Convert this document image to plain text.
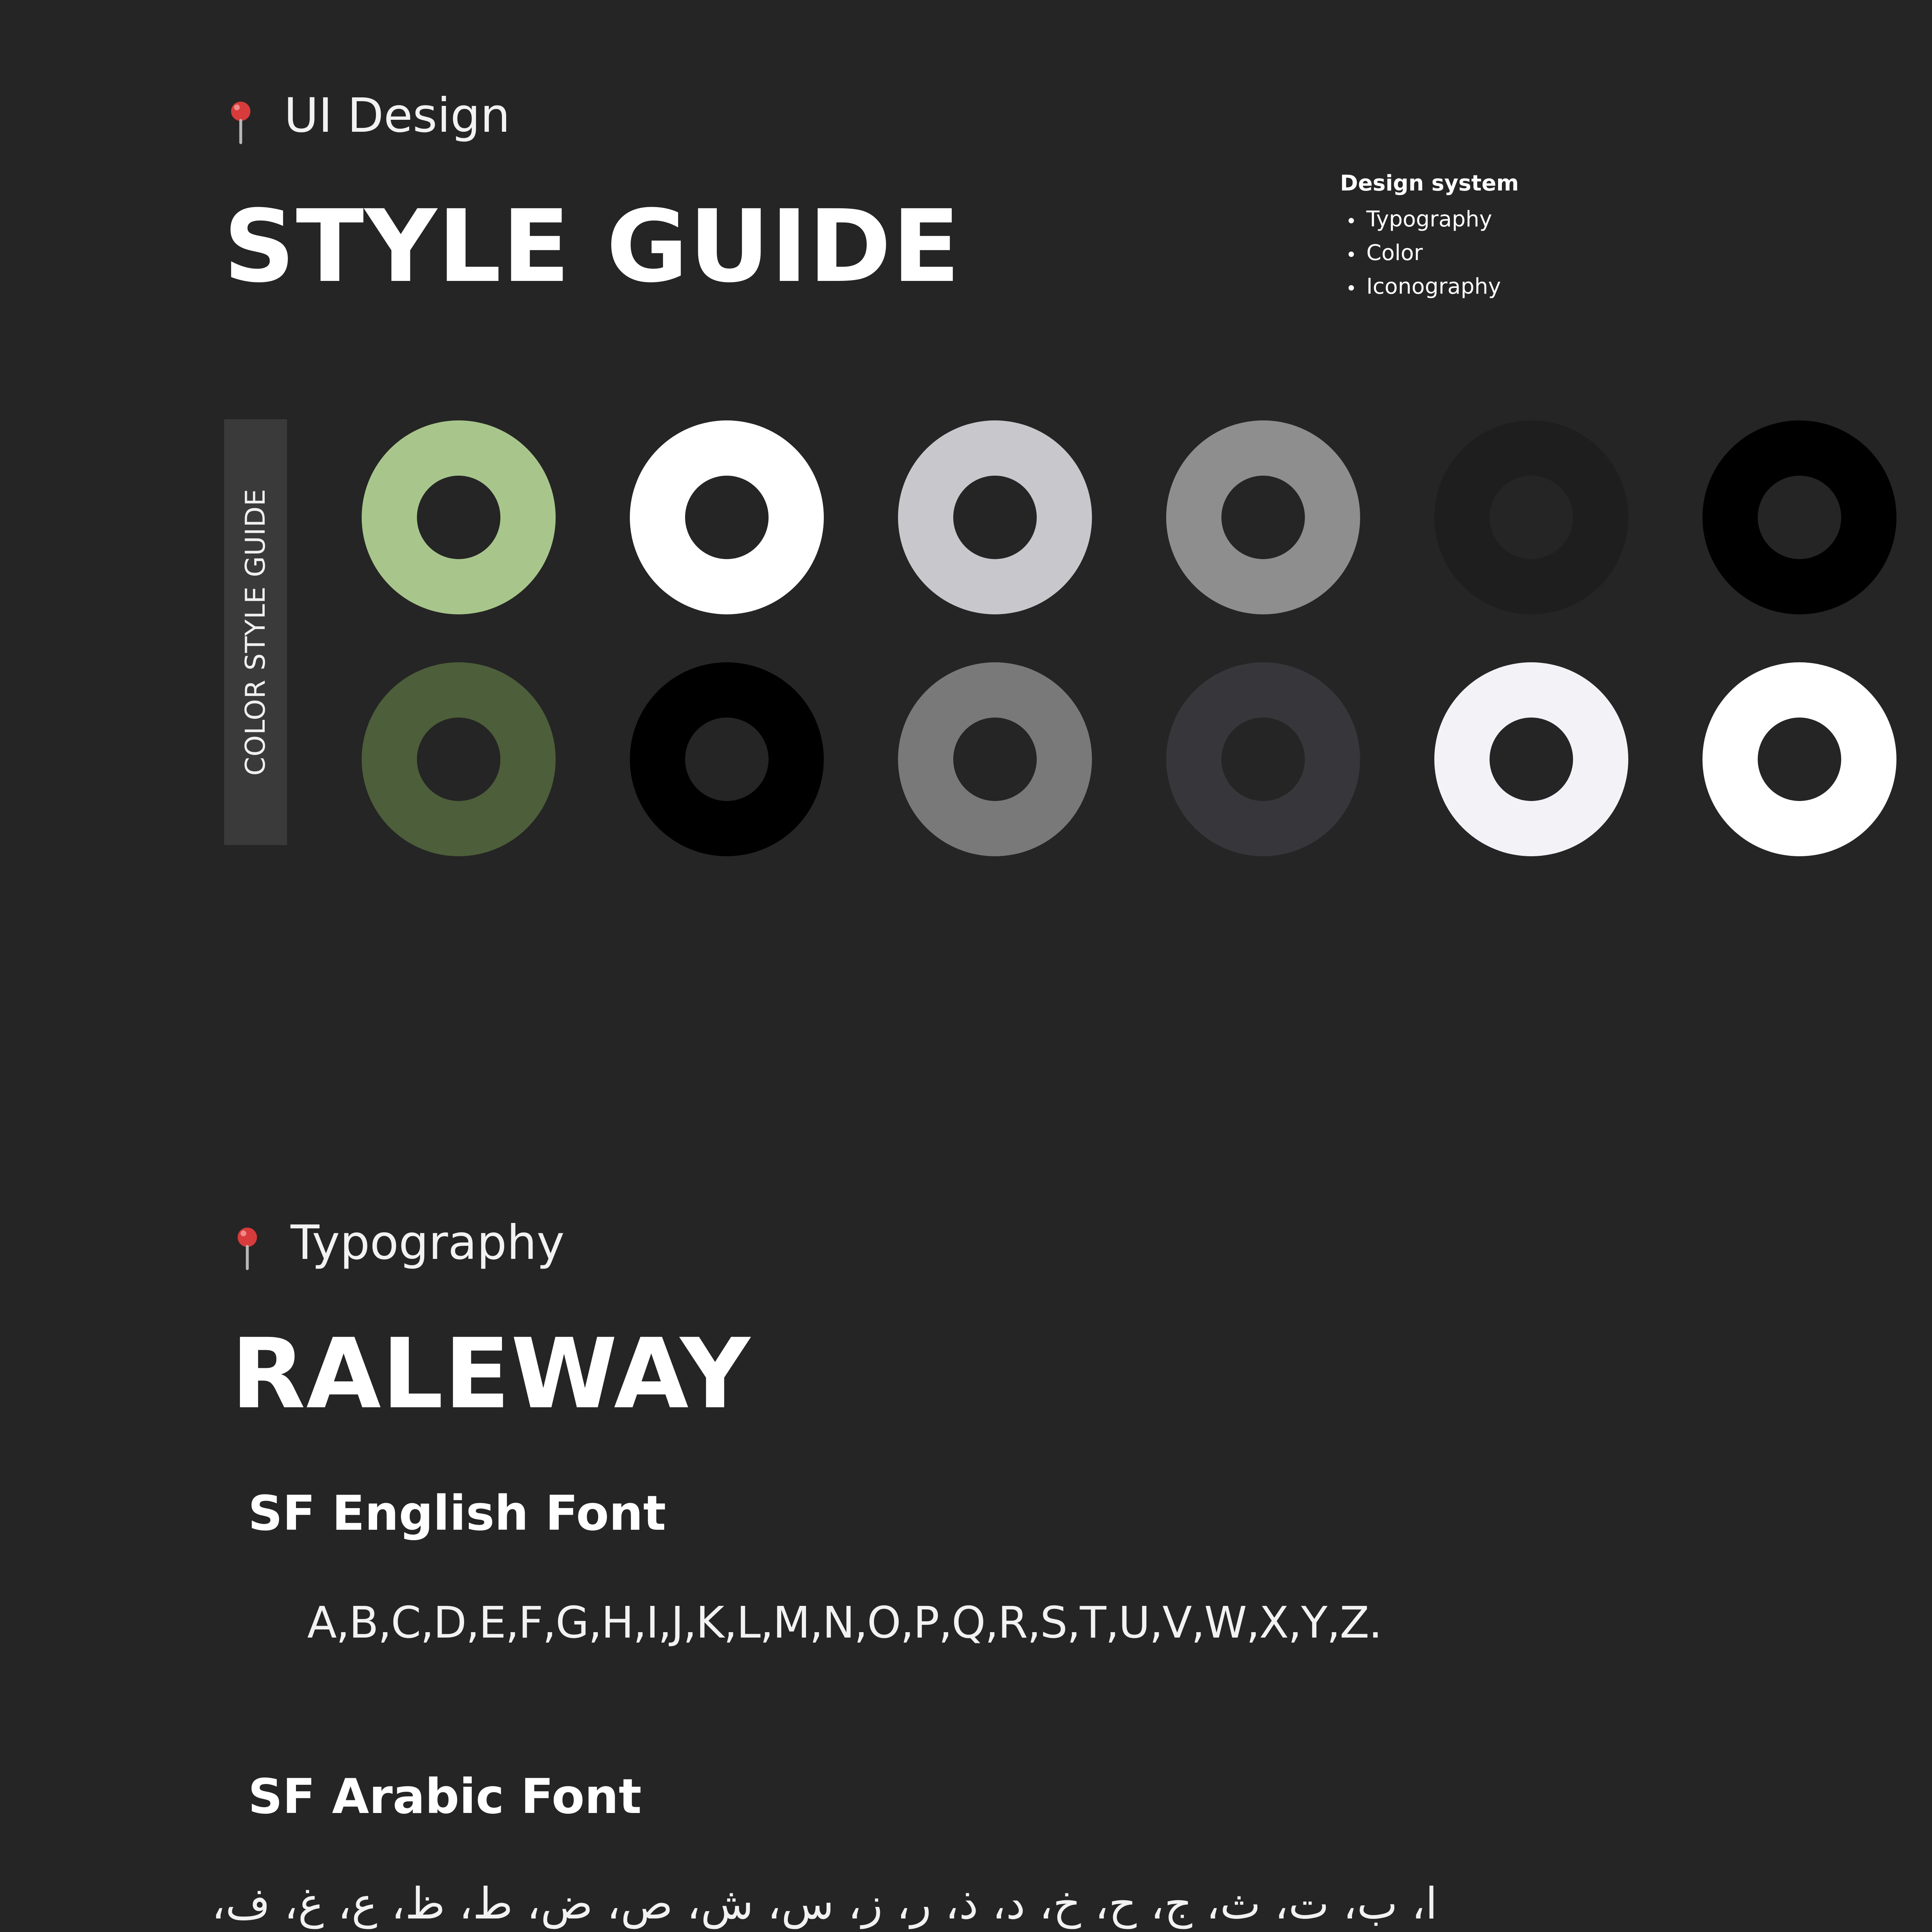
UI Design
STYLE GUIDE
Design system
Typography
Color
Iconography
COLOR STYLE GUIDE
Typography
RALEWAY
SF English Font
A,B,C,D,E,F,G,H,I,J,K,L,M,N,O,P,Q,R,S,T,U,V,W,X,Y,Z.
SF Arabic Font
ا، ب، ت، ث، ج، ح، خ، د، ذ، ر، ز، س، ش، ص، ض، ط، ظ، ع، غ، ف،
